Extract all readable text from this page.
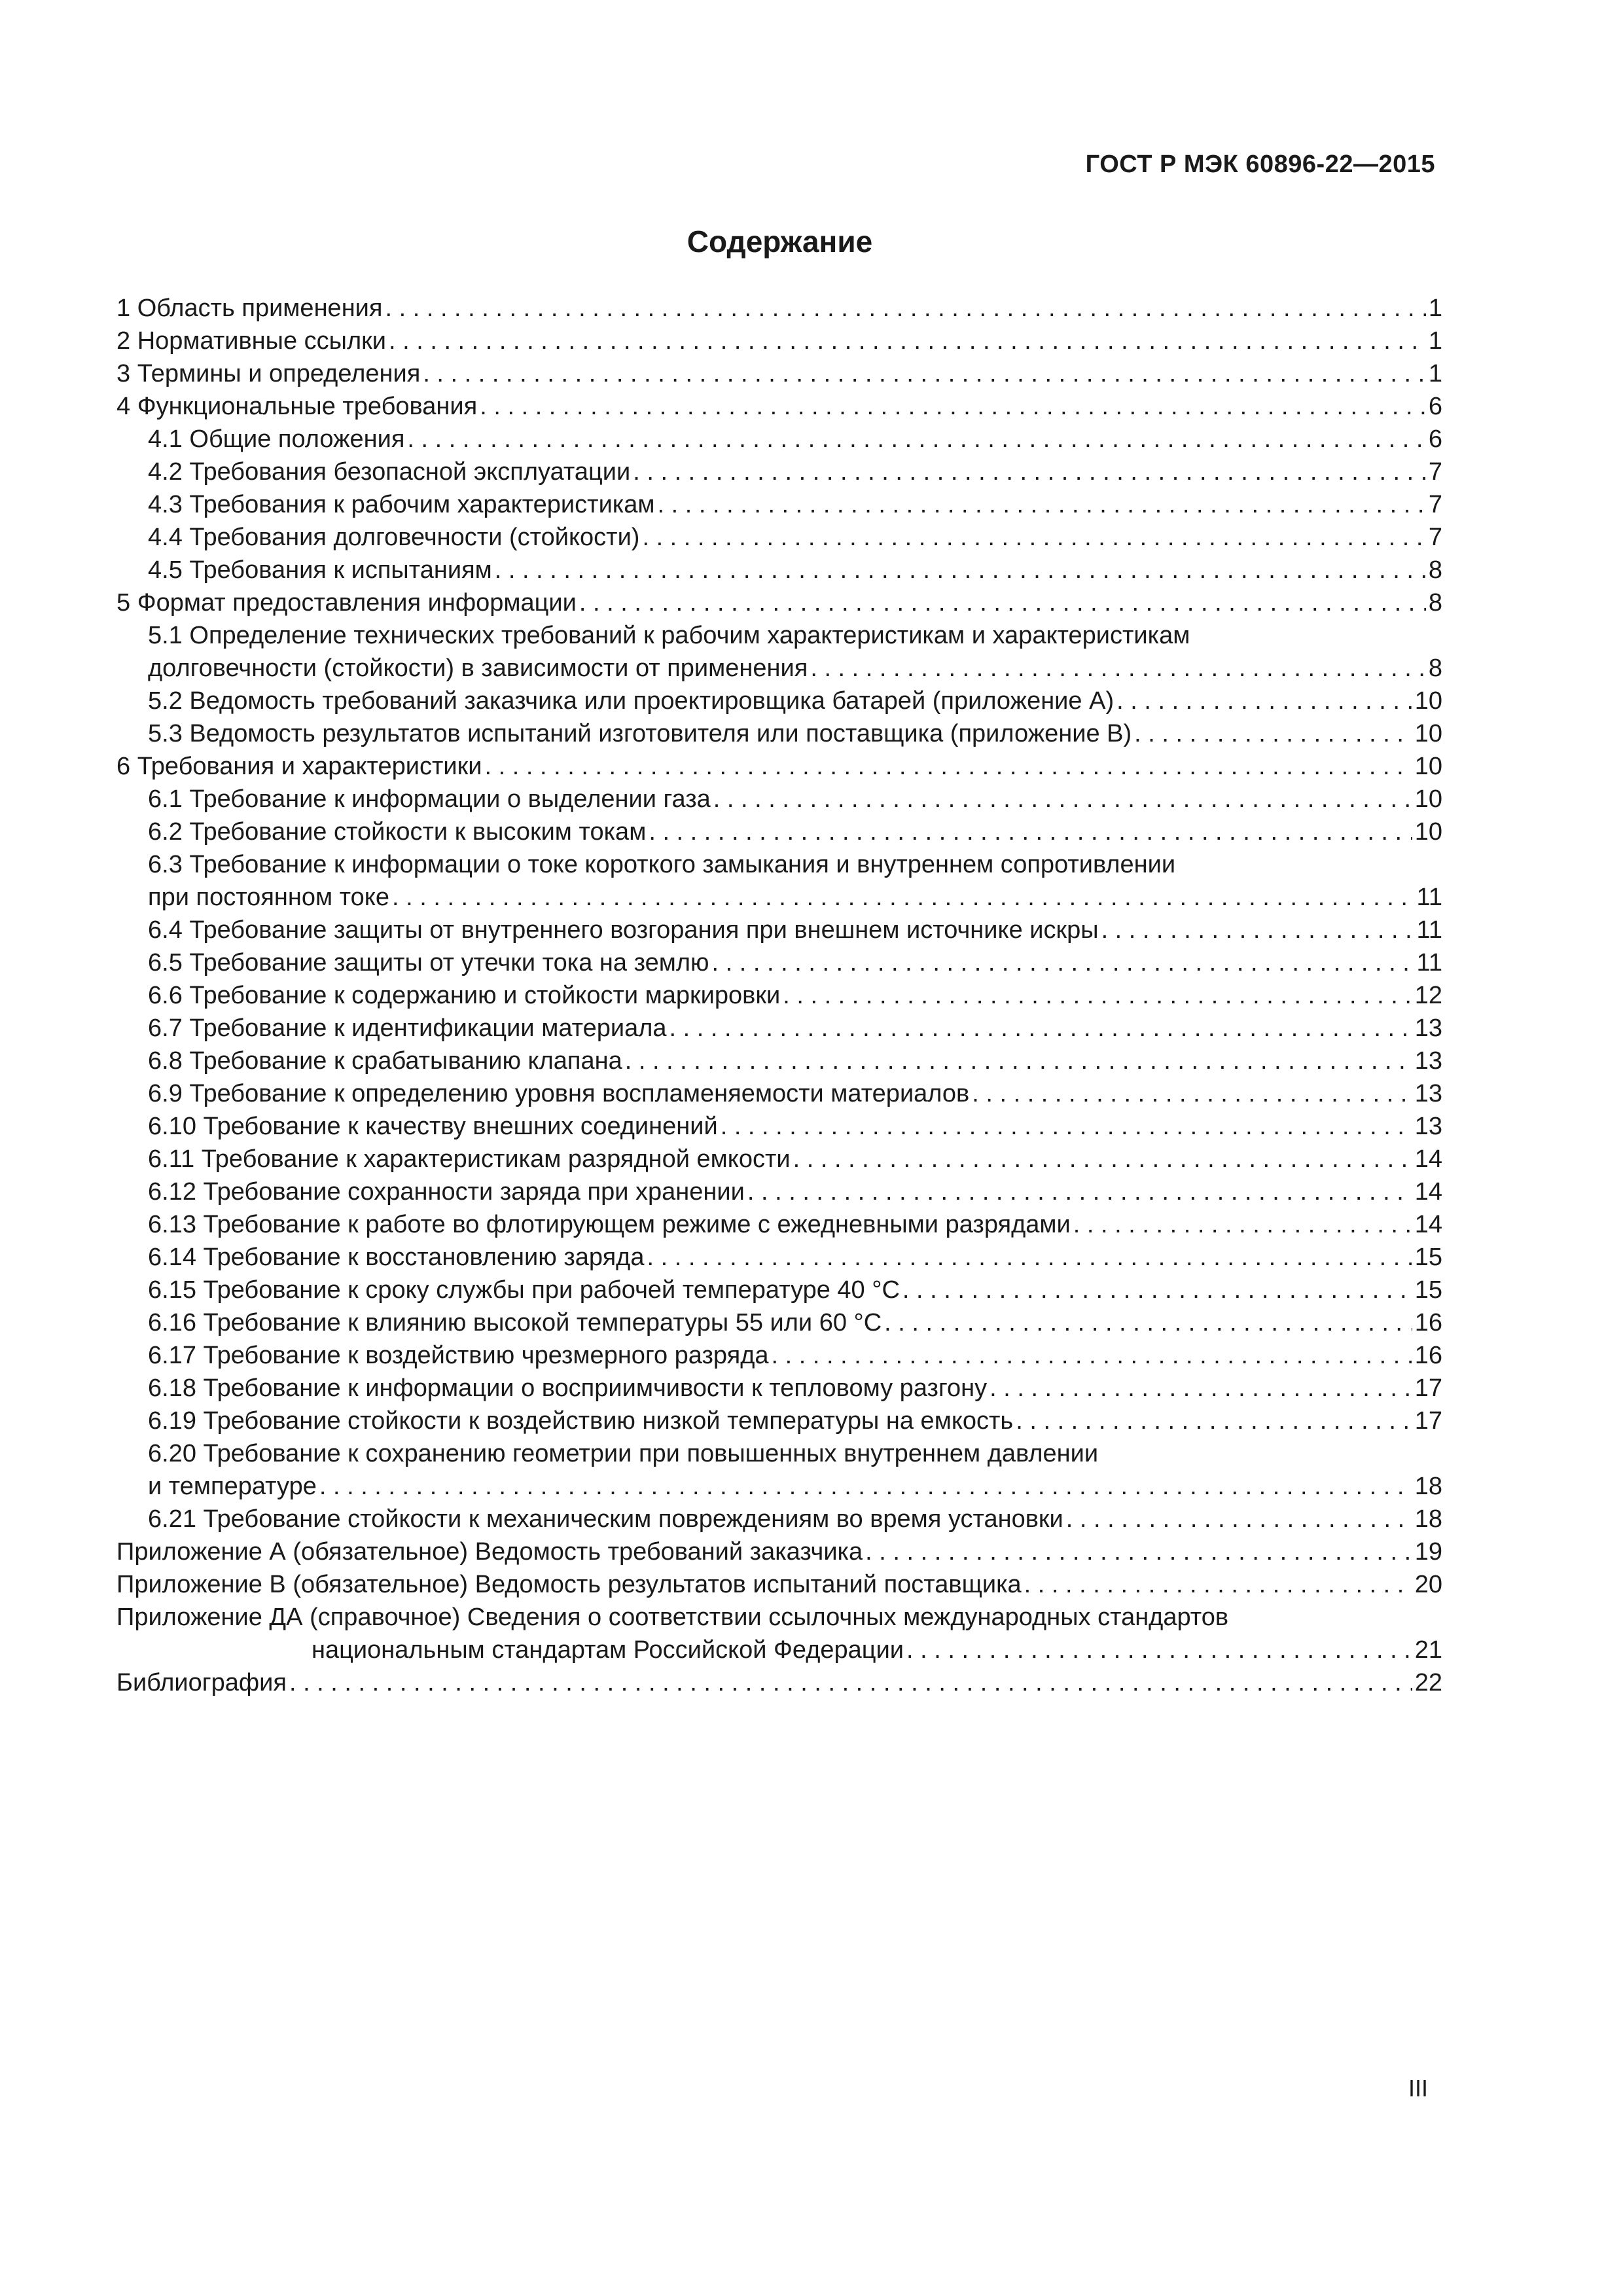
ГОСТ Р МЭК 60896-22—2015
Содержание
1 Область применения . . .	1
2 Нормативные ссылки . . .	1
3 Термины и определения . . .	1
4 Функциональные требования . . .	6
4.1 Общие положения . . .	6
4.2 Требования безопасной эксплуатации . . .	7
4.3 Требования к рабочим характеристикам . . .	7
4.4 Требования долговечности (стойкости) . . .	7
4.5 Требования к испытаниям . . .	8
5 Формат предоставления информации . . .	8
5.1 Определение технических требований к рабочим характеристикам и характеристикам
долговечности (стойкости) в зависимости от применения . . .	8
5.2 Ведомость требований заказчика или проектировщика батарей (приложение А) . . .	10
5.3 Ведомость результатов испытаний изготовителя или поставщика (приложение В) . . .	10
6 Требования и характеристики . . .	10
6.1 Требование к информации о выделении газа . . .	10
6.2 Требование стойкости к высоким токам . . .	10
6.3 Требование к информации о токе короткого замыкания и внутреннем сопротивлении
при постоянном токе . . .	11
6.4 Требование защиты от внутреннего возгорания при внешнем источнике искры . . .	11
6.5 Требование защиты от утечки тока на землю . . .	11
6.6 Требование к содержанию и стойкости маркировки . . .	12
6.7 Требование к идентификации материала . . .	13
6.8 Требование к срабатыванию клапана . . .	13
6.9 Требование к определению уровня воспламеняемости материалов . . .	13
6.10 Требование к качеству внешних соединений . . .	13
6.11 Требование к характеристикам разрядной емкости . . .	14
6.12 Требование сохранности заряда при хранении . . .	14
6.13 Требование к работе во флотирующем режиме с ежедневными разрядами . . .	14
6.14 Требование к восстановлению заряда . . .	15
6.15 Требование к сроку службы при рабочей температуре 40 °C . . .	15
6.16 Требование к влиянию высокой температуры 55 или 60 °C . . .	16
6.17 Требование к воздействию чрезмерного разряда . . .	16
6.18 Требование к информации о восприимчивости к тепловому разгону . . .	17
6.19 Требование стойкости к воздействию низкой температуры на емкость . . .	17
6.20 Требование к сохранению геометрии при повышенных внутреннем давлении
и температуре . . .	18
6.21 Требование стойкости к механическим повреждениям во время установки . . .	18
Приложение А (обязательное) Ведомость требований заказчика . . .	19
Приложение В (обязательное) Ведомость результатов испытаний поставщика . . .	20
Приложение ДА (справочное) Сведения о соответствии ссылочных международных стандартов
национальным стандартам Российской Федерации . . .	21
Библиография . . .	22
III
